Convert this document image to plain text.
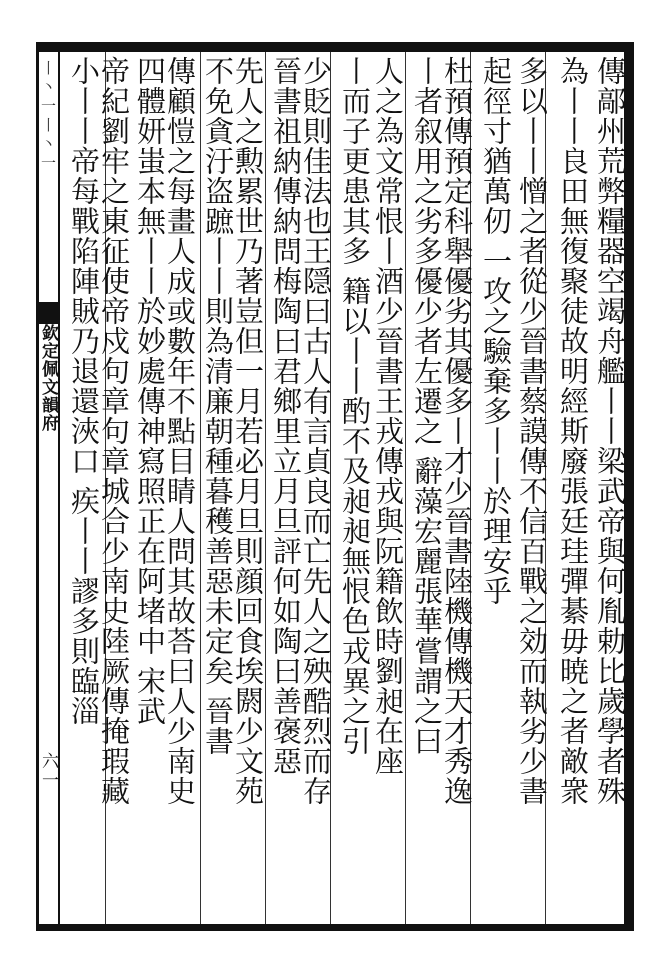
丨丶一丨丶一
欽定佩文韻府
六一	傳鄗州荒弊糧器空竭舟艦丨丨梁武帝與何胤勅比歲學者殊
為丨丨良田無復聚徒故明經斯廢張廷珪彈綦毋暁之者敵衆
多以丨丨憎之者從少晉書蔡謨傳不信百戰之効而執劣少書
起徑寸猶萬仞 一攻之驗棄多丨丨於理安乎
杜預傳預定科舉優劣其優多丨才少晉書陸機傳機天才秀逸
丨者叙用之劣多優少者左遷之 辭藻宏麗張華嘗謂之曰
人之為文常恨丨酒少晉書王戎傳戎與阮籍飲時劉昶在座
丨而子更患其多 籍以丨丨酌不及昶昶無恨色戎異之引
少貶則佳法也王隠曰古人有言貞良而亡先人之殃酷烈而存
晉書祖納傳納問梅陶曰君鄉里立月旦評何如陶曰善褒惡
先人之勲累世乃著豈但一月若必月旦則顔回食埃閼少文苑
不免貪汙盗蹠丨丨則為清廉朝種暮穫善惡未定矣 晉書
傳顧愷之每畫人成或數年不點目睛人問其故荅曰人少南史
四體妍蚩本無丨丨於妙處傳神寫照正在阿堵中 宋武
帝紀劉牢之東征使帝戍句章句章城合少南史陸厥傳掩瑕藏
小丨丨帝每戰陷陣賊乃退還浹口 疾丨丨謬多則臨淄
